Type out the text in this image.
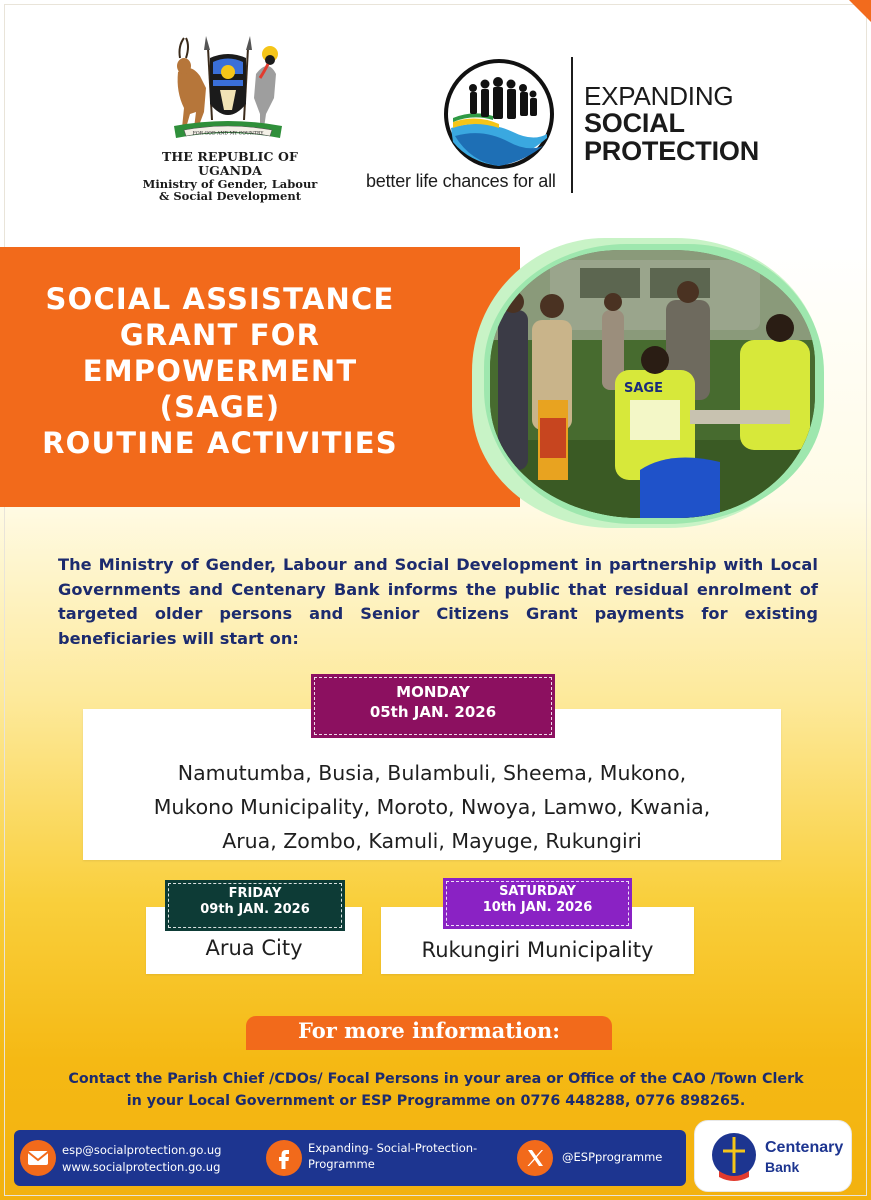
FOR GOD AND MY COUNTRY
THE REPUBLIC OF UGANDA
Ministry of Gender, Labour
& Social Development
better life chances for all
EXPANDING
SOCIAL
PROTECTION
SOCIAL ASSISTANCE
GRANT FOR
EMPOWERMENT
(SAGE)
ROUTINE ACTIVITIES
SAGE
The Ministry of Gender, Labour and Social Development in partnership with Local Governments and Centenary Bank informs the public that residual enrolment of targeted older persons and Senior Citizens Grant payments for existing beneficiaries will start on:
MONDAY
05th JAN. 2026
Namutumba, Busia, Bulambuli, Sheema, Mukono,
Mukono Municipality, Moroto, Nwoya, Lamwo, Kwania,
Arua, Zombo, Kamuli, Mayuge, Rukungiri
FRIDAY
09th JAN. 2026
Arua City
SATURDAY
10th JAN. 2026
Rukungiri Municipality
For more information:
Contact the Parish Chief /CDOs/ Focal Persons in your area or Office of the CAO /Town Clerk
in your Local Government or ESP Programme on 0776 448288, 0776 898265.
esp@socialprotection.go.ug
www.socialprotection.go.ug
Expanding- Social-Protection-
Programme	@ESPprogramme
Centenary
Bank
